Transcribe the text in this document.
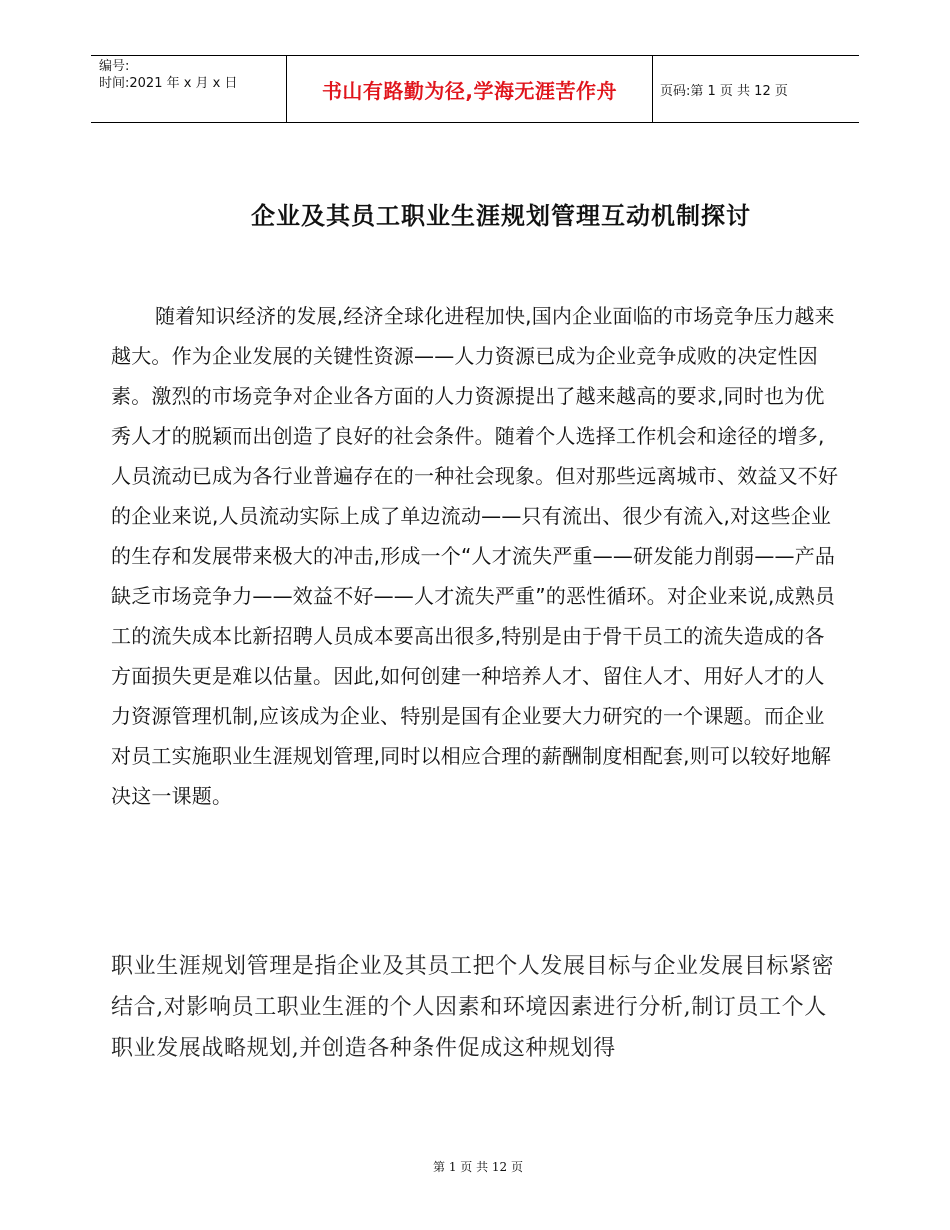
编号:
时间:2021 年 x 月 x 日	书山有路勤为径,学海无涯苦作舟	页码:第 1 页 共 12 页
企业及其员工职业生涯规划管理互动机制探讨
随着知识经济的发展,经济全球化进程加快,国内企业面临的市场竞争压力越来越大。作为企业发展的关键性资源——人力资源已成为企业竞争成败的决定性因素。激烈的市场竞争对企业各方面的人力资源提出了越来越高的要求,同时也为优秀人才的脱颖而出创造了良好的社会条件。随着个人选择工作机会和途径的增多,人员流动已成为各行业普遍存在的一种社会现象。但对那些远离城市、效益又不好的企业来说,人员流动实际上成了单边流动——只有流出、很少有流入,对这些企业的生存和发展带来极大的冲击,形成一个“人才流失严重——研发能力削弱——产品缺乏市场竞争力——效益不好——人才流失严重”的恶性循环。对企业来说,成熟员工的流失成本比新招聘人员成本要高出很多,特别是由于骨干员工的流失造成的各方面损失更是难以估量。因此,如何创建一种培养人才、留住人才、用好人才的人力资源管理机制,应该成为企业、特别是国有企业要大力研究的一个课题。而企业对员工实施职业生涯规划管理,同时以相应合理的薪酬制度相配套,则可以较好地解决这一课题。
职业生涯规划管理是指企业及其员工把个人发展目标与企业发展目标紧密结合,对影响员工职业生涯的个人因素和环境因素进行分析,制订员工个人职业发展战略规划,并创造各种条件促成这种规划得
第 1 页 共 12 页
